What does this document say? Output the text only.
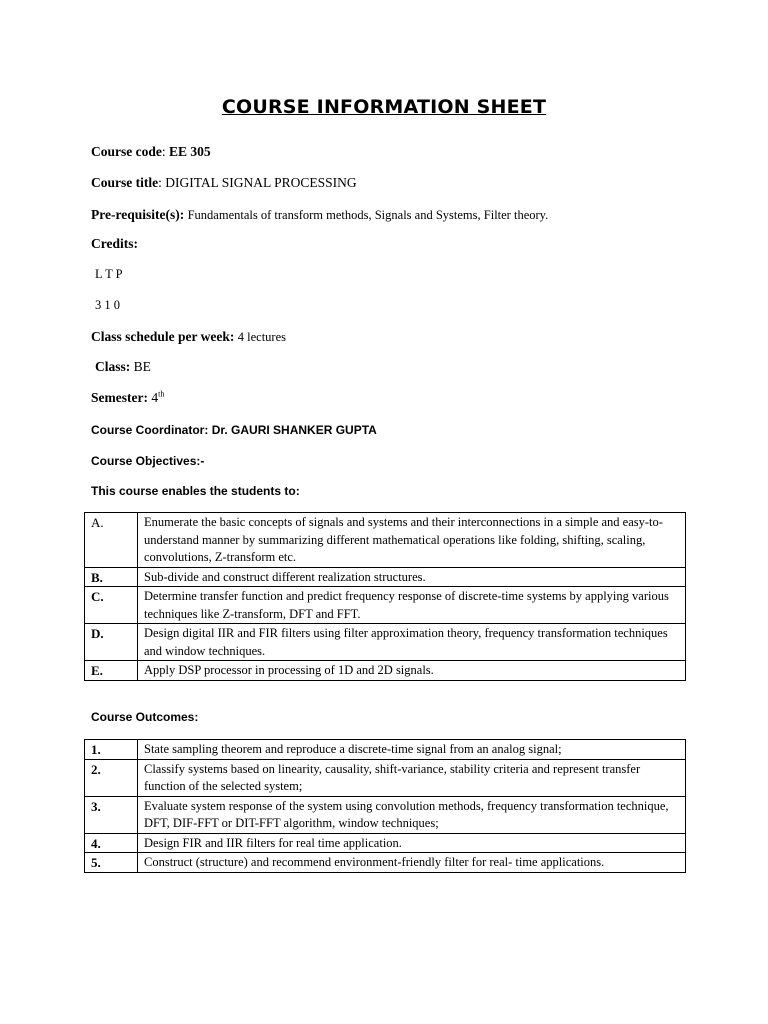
COURSE INFORMATION SHEET
Course code: EE 305
Course title: DIGITAL SIGNAL PROCESSING
Pre-requisite(s): Fundamentals of transform methods, Signals and Systems, Filter theory.
Credits:
L T P
3 1 0
Class schedule per week: 4 lectures
Class: BE
Semester: 4th
Course Coordinator: Dr. GAURI SHANKER GUPTA
Course Objectives:-
This course enables the students to:
A.	Enumerate the basic concepts of signals and systems and their interconnections in a simple and easy-to-understand manner by summarizing different mathematical operations like folding, shifting, scaling, convolutions, Z-transform etc.
B.	Sub-divide and construct different realization structures.
C.	Determine transfer function and predict frequency response of discrete-time systems by applying various techniques like Z-transform, DFT and FFT.
D.	Design digital IIR and FIR filters using filter approximation theory, frequency transformation techniques and window techniques.
E.	Apply DSP processor in processing of 1D and 2D signals.
Course Outcomes:
1.	State sampling theorem and reproduce a discrete-time signal from an analog signal;
2.	Classify systems based on linearity, causality, shift-variance, stability criteria and represent transfer function of the selected system;
3.	Evaluate system response of the system using convolution methods, frequency transformation technique, DFT, DIF-FFT or DIT-FFT algorithm, window techniques;
4.	Design FIR and IIR filters for real time application.
5.	Construct (structure) and recommend environment-friendly filter for real- time applications.
